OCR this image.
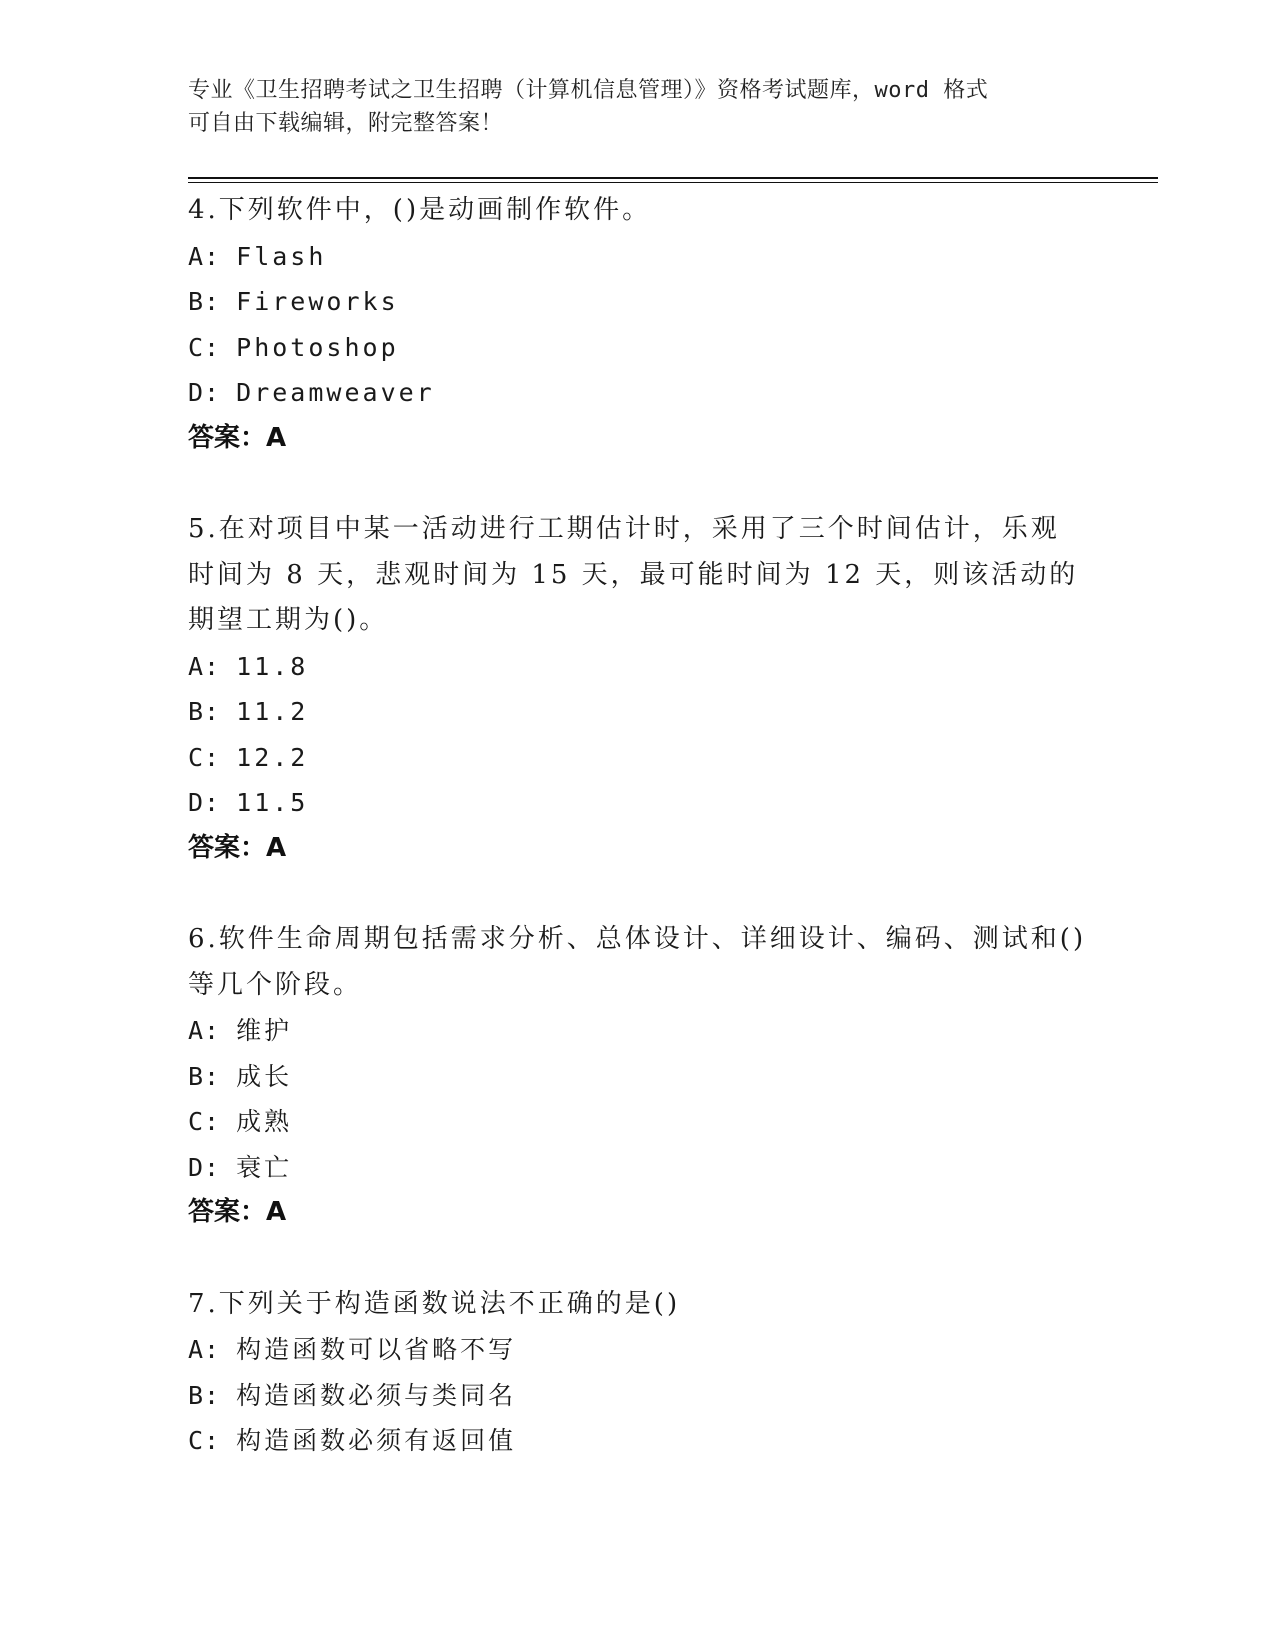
专业《卫生招聘考试之卫生招聘（计算机信息管理）》资格考试题库，word 格式
可自由下载编辑，附完整答案！
4.下列软件中，()是动画制作软件。
A: Flash
B: Fireworks
C: Photoshop
D: Dreamweaver
答案：A
5.在对项目中某一活动进行工期估计时，采用了三个时间估计，乐观时间为 8 天，悲观时间为 15 天，最可能时间为 12 天，则该活动的期望工期为()。
A: 11.8
B: 11.2
C: 12.2
D: 11.5
答案：A
6.软件生命周期包括需求分析、总体设计、详细设计、编码、测试和()等几个阶段。
A: 维护
B: 成长
C: 成熟
D: 衰亡
答案：A
7.下列关于构造函数说法不正确的是()
A: 构造函数可以省略不写
B: 构造函数必须与类同名
C: 构造函数必须有返回值
